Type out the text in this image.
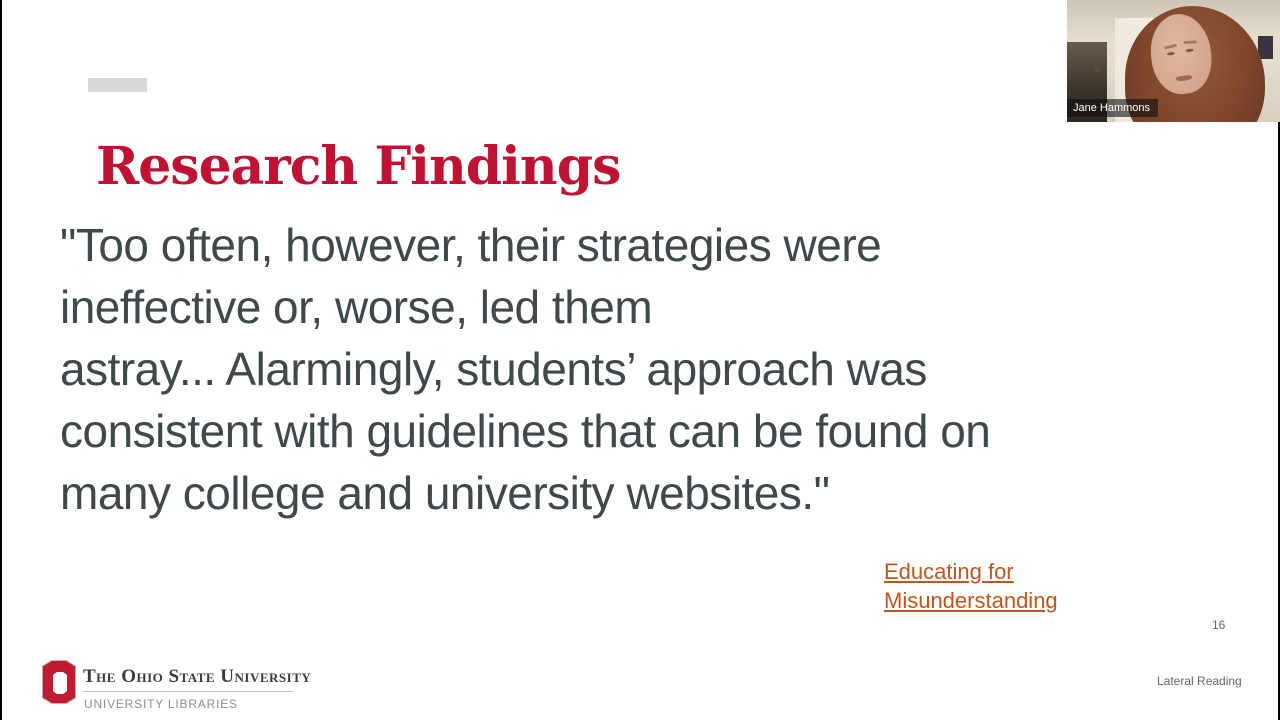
Research Findings
"Too often, however, their strategies were
ineffective or, worse, led them
astray... Alarmingly, students’ approach was
consistent with guidelines that can be found on
many college and university websites."
Educating for Misunderstanding
16
The Ohio State University
UNIVERSITY LIBRARIES
Lateral Reading
Jane Hammons
